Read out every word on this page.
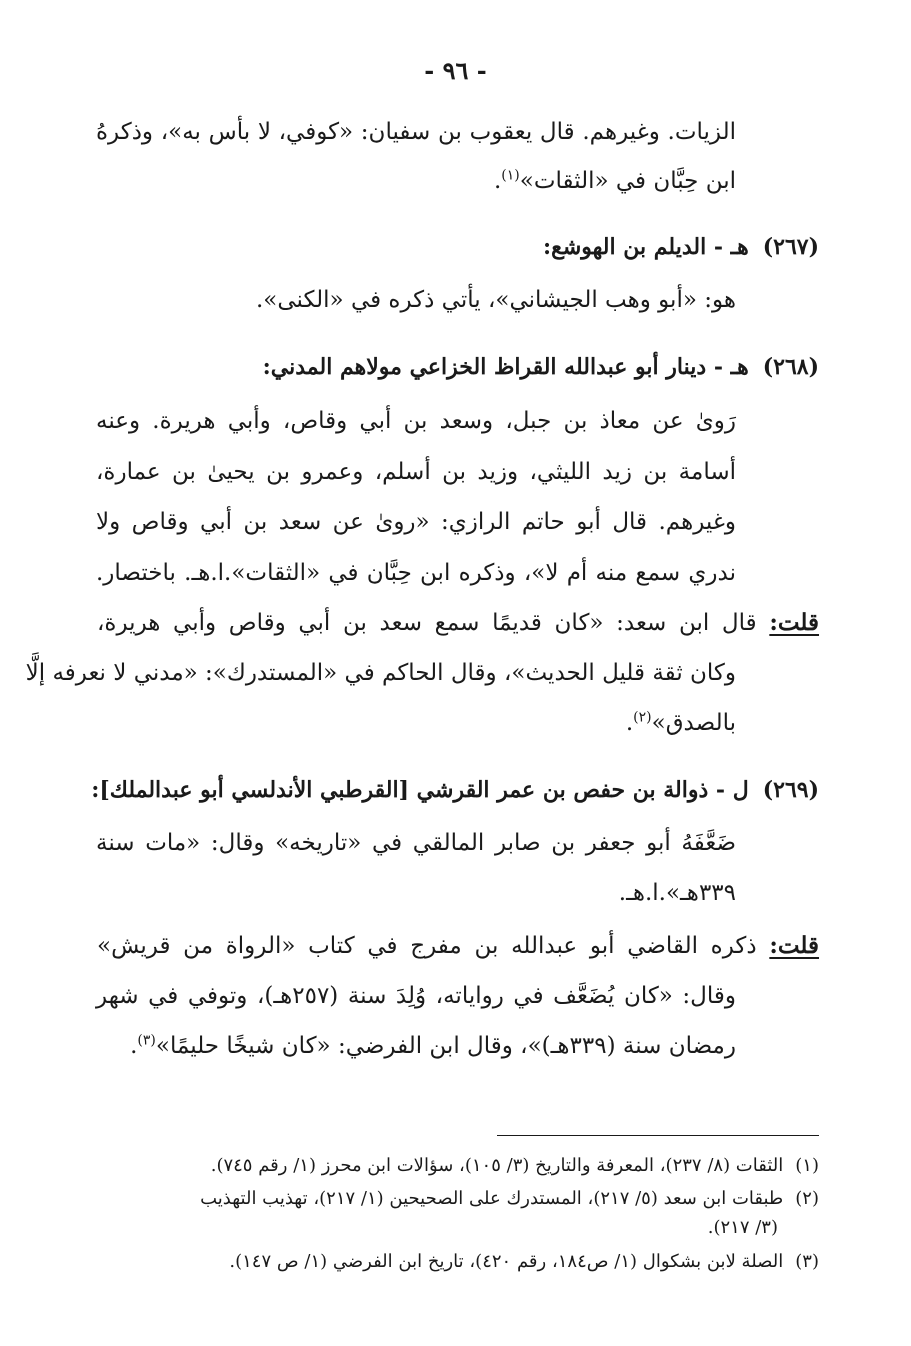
- ٩٦ -
الزيات. وغيرهم. قال يعقوب بن سفيان: «كوفي، لا بأس به»، وذكرهُ
ابن حِبَّان في «الثقات»$^{(١)}$.
(٢٦٧)هـ - الديلم بن الهوشع:
هو: «أبو وهب الجيشاني»، يأتي ذكره في «الكنى».
(٢٦٨)هـ - دينار أبو عبدالله القراظ الخزاعي مولاهم المدني:
رَوىٰ عن معاذ بن جبل، وسعد بن أبي وقاص، وأبي هريرة. وعنه
أسامة بن زيد الليثي، وزيد بن أسلم، وعمرو بن يحيىٰ بن عمارة،
وغيرهم. قال أبو حاتم الرازي: «روىٰ عن سعد بن أبي وقاص ولا
ندري سمع منه أم لا»، وذكره ابن حِبَّان في «الثقات».ا.هـ. باختصار.
قلت: قال ابن سعد: «كان قديمًا سمع سعد بن أبي وقاص وأبي هريرة،
وكان ثقة قليل الحديث»، وقال الحاكم في «المستدرك»: «مدني لا نعرفه إلَّا
بالصدق»$^{(٢)}$.
(٢٦٩)ل - ذوالة بن حفص بن عمر القرشي [القرطبي الأندلسي أبو عبدالملك]:
ضَعَّفَهُ أبو جعفر بن صابر المالقي في «تاريخه» وقال: «مات سنة
٣٣٩هـ».ا.هـ.
قلت: ذكره القاضي أبو عبدالله بن مفرج في كتاب «الرواة من قريش»
وقال: «كان يُضَعَّف في رواياته، وُلِدَ سنة (٢٥٧هـ)، وتوفي في شهر
رمضان سنة (٣٣٩هـ)»، وقال ابن الفرضي: «كان شيخًا حليمًا»$^{(٣)}$.
(١)الثقات (٨/ ٢٣٧)، المعرفة والتاريخ (٣/ ١٠٥)، سؤالات ابن محرز (١/ رقم ٧٤٥).
(٢)طبقات ابن سعد (٥/ ٢١٧)، المستدرك على الصحيحين (١/ ٢١٧)، تهذيب التهذيب
(٣/ ٢١٧).
(٣)الصلة لابن بشكوال (١/ ص١٨٤، رقم ٤٢٠)، تاريخ ابن الفرضي (١/ ص ١٤٧).
